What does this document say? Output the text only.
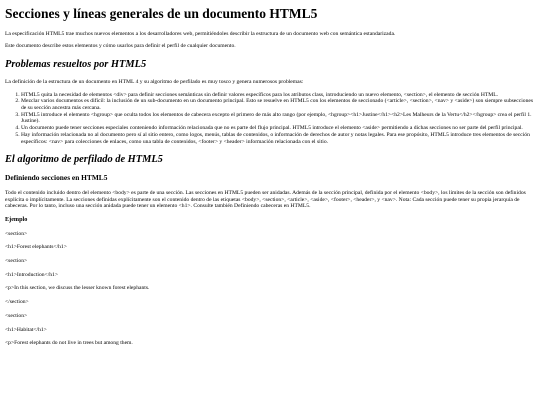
Secciones y líneas generales de un documento HTML5

La especificación HTML5 trae muchos nuevos elementos a los desarrolladores web, permitiéndoles describir la estructura de un documento web con semántica estandarizada.

Este documento describe estos elementos y cómo usarlos para definir el perfil de cualquier documento.

Problemas resueltos por HTML5

La definición de la estructura de un documento en HTML 4 y su algoritmo de perfilado es muy tosco y genera numerosos problemas:

1. HTML5 quita la necesidad de elementos <div> para definir secciones semánticas sin definir valores específicos para los atributos class, introduciendo un nuevo elemento, <section>, el elemento de sección HTML.
2. Mezclar varios documentos es difícil: la inclusión de un sub-documento en un documento principal. Esto se resuelve en HTML5 con los elementos de seccionado (<article>, <section>, <nav> y <aside>) son siempre subsecciones de su sección ancestra más cercana.
3. HTML5 introduce el elemento <hgroup> que oculta todos los elementos de cabecera excepto el primero de más alto rango (por ejemplo, <hgroup><h1>Justine</h1><h2>Les Malheurs de la Vertu</h2></hgroup> crea el perfil 1. Justine).
4. Un documento puede tener secciones especiales conteniendo información relacionada que no es parte del flujo principal. HTML5 introduce el elemento <aside> permitiendo a dichas secciones no ser parte del perfil principal.
5. Hay información relacionada no al documento pero sí al sitio entero, como logos, menús, tablas de contenidos, o información de derechos de autor y notas legales. Para ese propósito, HTML5 introduce tres elementos de sección específicos: <nav> para colecciones de enlaces, como una tabla de contenidos, <footer> y <header> información relacionada con el sitio.
El algoritmo de perfilado de HTML5
Definiendo secciones en HTML5

Todo el contenido incluido dentro del elemento <body> es parte de una sección. Las secciones en HTML5 pueden ser anidadas. Además de la sección principal, definida por el elemento <body>, los límites de la sección son definidos explícita o implícitamente. La secciones definidas explícitamente son el contenido dentro de las etiquetas <body>, <section>, <article>, <aside>, <footer>, <header>, y <nav>. Nota: Cada sección puede tener su propia jerarquía de cabeceras. Por lo tanto, incluso una sección anidada puede tener un elemento <h1>. Consulte también Definiendo cabeceras en HTML5.

Ejemplo

<section>

<h1>Forest elephants</h1>

<section>

<h1>Introduction</h1>

<p>In this section, we discuss the lesser known forest elephants.

</section>

<section>

<h1>Habitat</h1>

<p>Forest elephants do not live in trees but among them.
